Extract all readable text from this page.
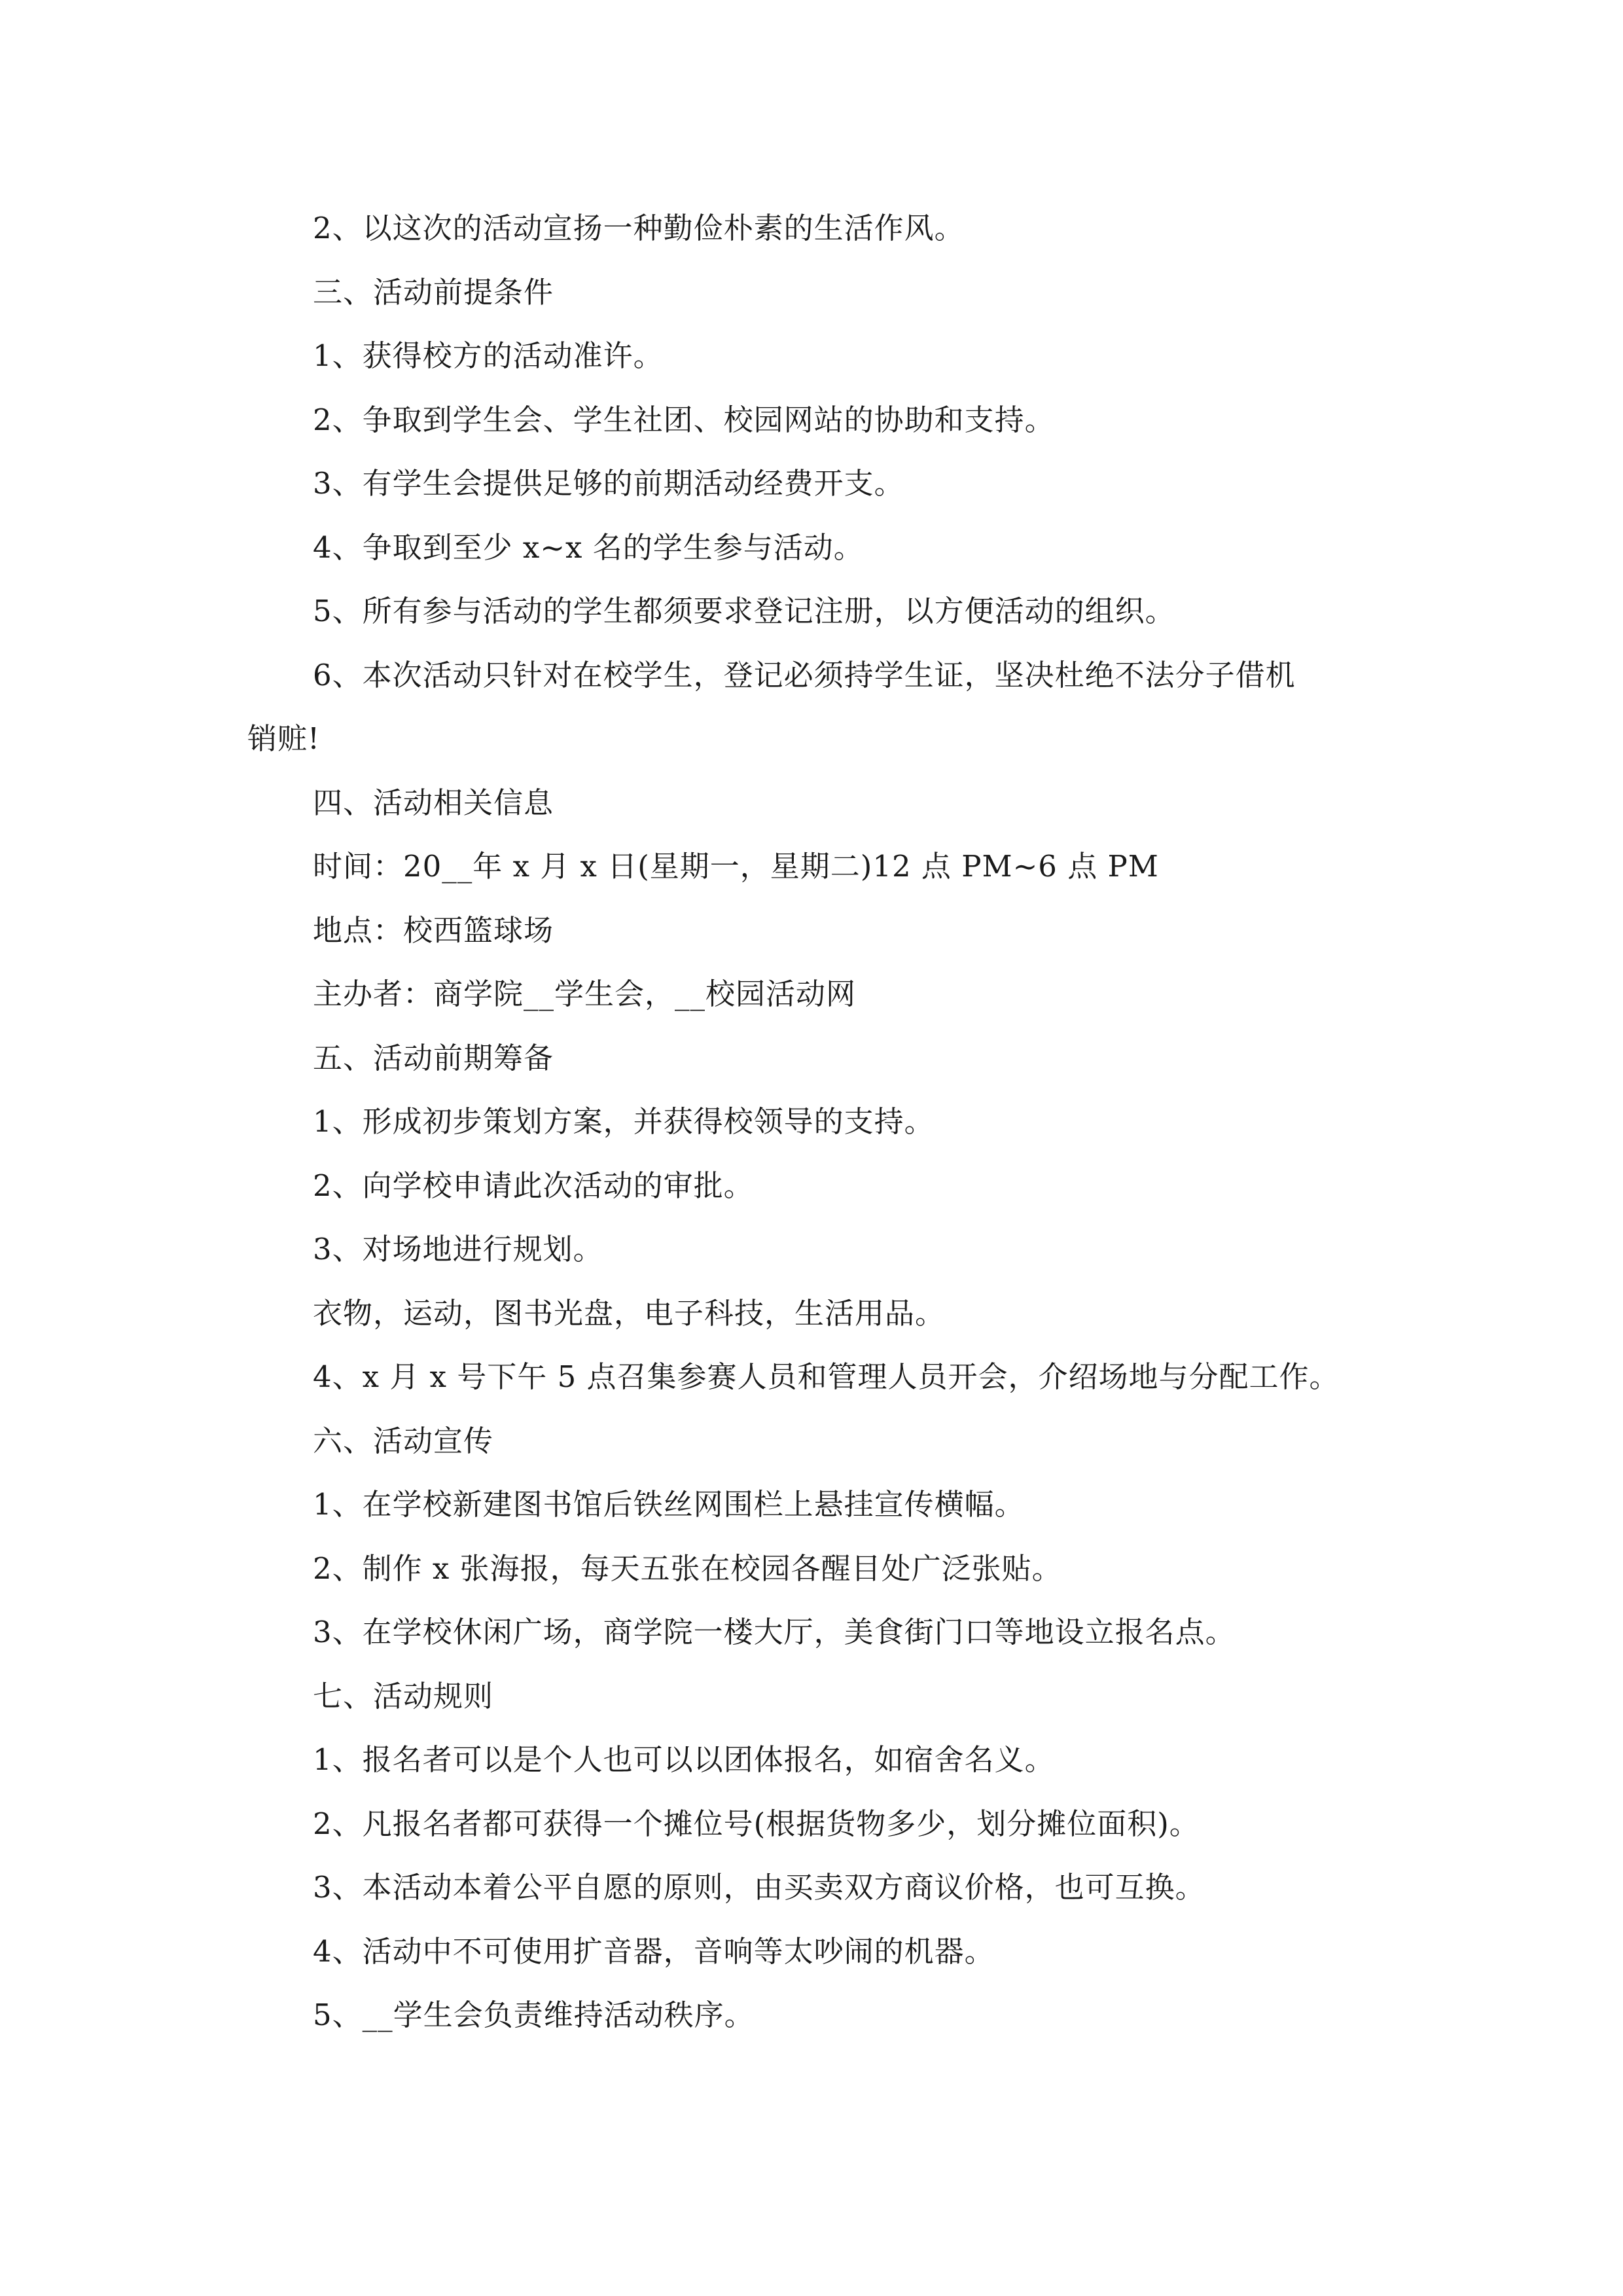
2、以这次的活动宣扬一种勤俭朴素的生活作风。
三、活动前提条件
1、获得校方的活动准许。
2、争取到学生会、学生社团、校园网站的协助和支持。
3、有学生会提供足够的前期活动经费开支。
4、争取到至少 x~x 名的学生参与活动。
5、所有参与活动的学生都须要求登记注册，以方便活动的组织。
6、本次活动只针对在校学生，登记必须持学生证，坚决杜绝不法分子借机
销赃!
四、活动相关信息
时间：20__年 x 月 x 日(星期一，星期二)12 点 PM~6 点 PM
地点：校西篮球场
主办者：商学院__学生会，__校园活动网
五、活动前期筹备
1、形成初步策划方案，并获得校领导的支持。
2、向学校申请此次活动的审批。
3、对场地进行规划。
衣物，运动，图书光盘，电子科技，生活用品。
4、x 月 x 号下午 5 点召集参赛人员和管理人员开会，介绍场地与分配工作。
六、活动宣传
1、在学校新建图书馆后铁丝网围栏上悬挂宣传横幅。
2、制作 x 张海报，每天五张在校园各醒目处广泛张贴。
3、在学校休闲广场，商学院一楼大厅，美食街门口等地设立报名点。
七、活动规则
1、报名者可以是个人也可以以团体报名，如宿舍名义。
2、凡报名者都可获得一个摊位号(根据货物多少，划分摊位面积)。
3、本活动本着公平自愿的原则，由买卖双方商议价格，也可互换。
4、活动中不可使用扩音器，音响等太吵闹的机器。
5、__学生会负责维持活动秩序。
